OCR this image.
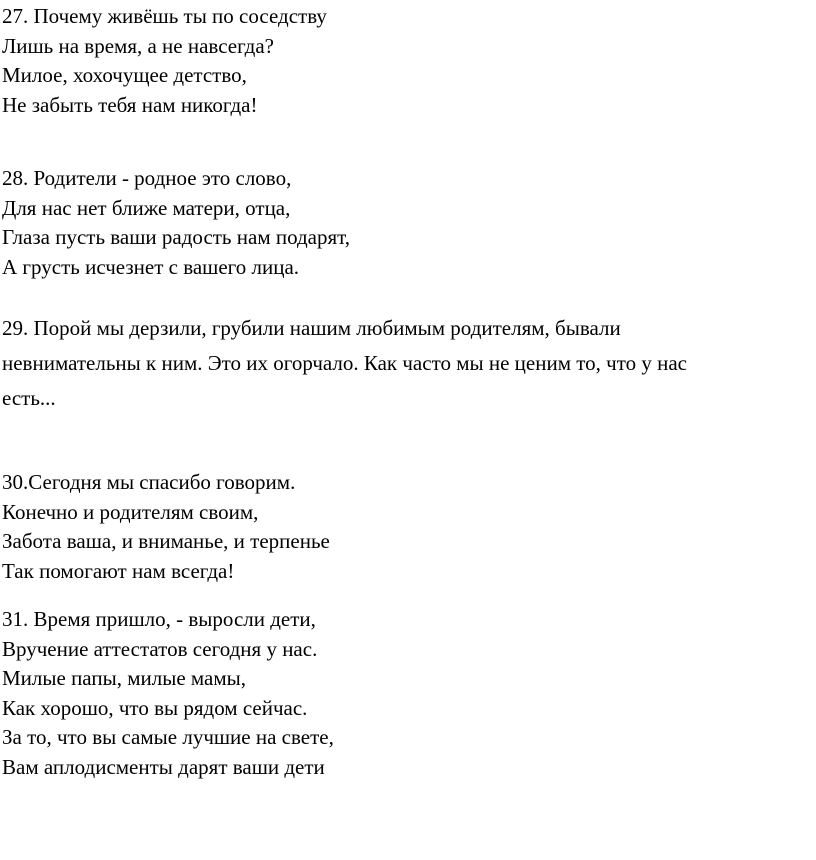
27. Почему живёшь ты по соседству
Лишь на время, а не навсегда?
Милое, хохочущее детство,
Не забыть тебя нам никогда!
28. Родители - родное это слово,
Для нас нет ближе матери, отца,
Глаза пусть ваши радость нам подарят,
А грусть исчезнет с вашего лица.
29. Порой мы дерзили, грубили нашим любимым родителям, бывали
невнимательны к ним. Это их огорчало. Как часто мы не ценим то, что у нас
есть...
30.Сегодня мы спасибо говорим.
Конечно и родителям своим,
Забота ваша, и вниманье, и терпенье
Так помогают нам всегда!
31. Время пришло, - выросли дети,
Вручение аттестатов сегодня у нас.
Милые папы, милые мамы,
Как хорошо, что вы рядом сейчас.
За то, что вы самые лучшие на свете,
Вам аплодисменты дарят ваши дети
